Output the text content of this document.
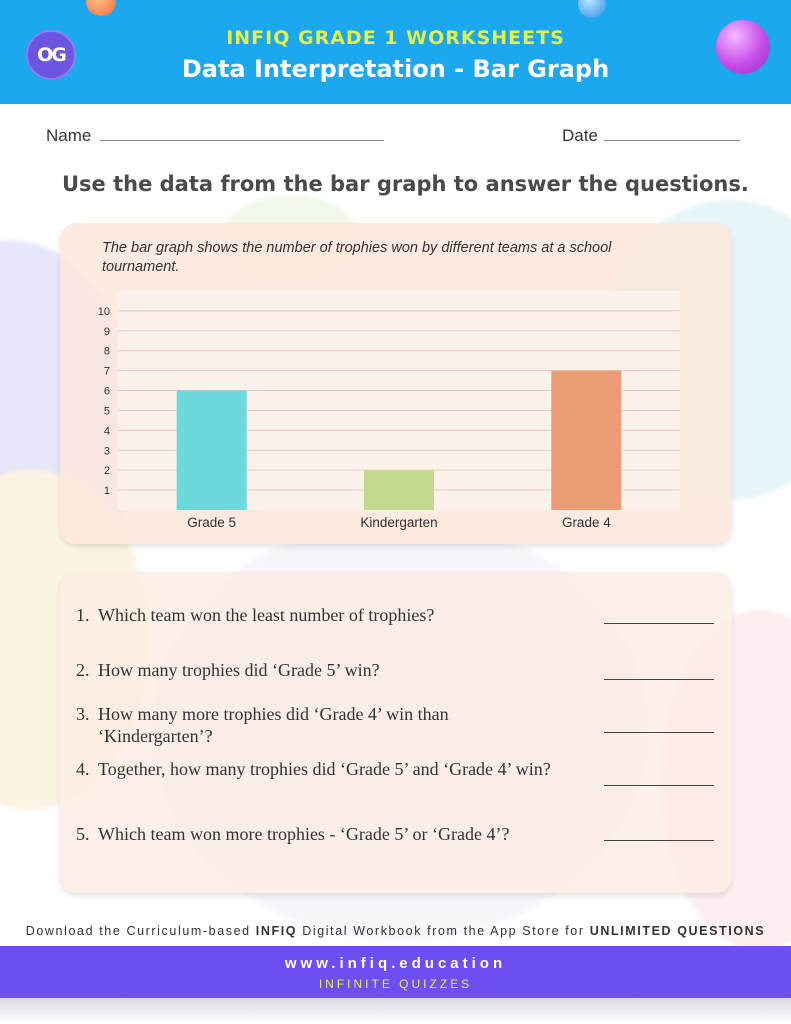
OG
INFIQ GRADE 1 WORKSHEETS
Data Interpretation - Bar Graph
Name	Date
Use the data from the bar graph to answer the questions.
The bar graph shows the number of trophies won by different teams at a school tournament.
1
2
3
4
5
6
7
8
9
10
Grade 5	Kindergarten	Grade 4
1. Which team won the least number of trophies?
2. How many trophies did ‘Grade 5’ win?
3. How many more trophies did ‘Grade 4’ win than ‘Kindergarten’?
4. Together, how many trophies did ‘Grade 5’ and ‘Grade 4’ win?
5. Which team won more trophies - ‘Grade 5’ or ‘Grade 4’?
Download the Curriculum-based INFIQ Digital Workbook from the App Store for UNLIMITED QUESTIONS
www.infiq.education
INFINITE QUIZZES
